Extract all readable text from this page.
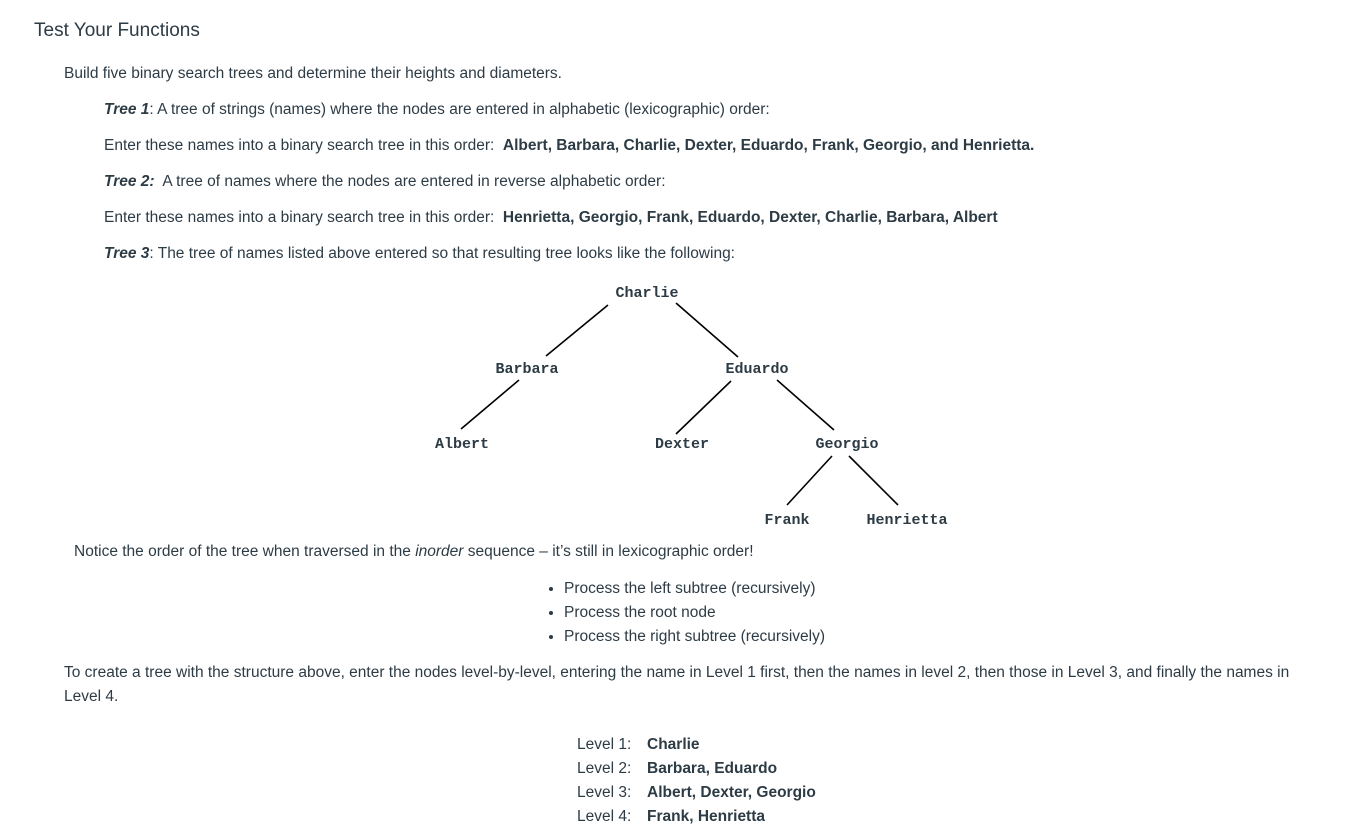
Test Your Functions
Build five binary search trees and determine their heights and diameters.
Tree 1: A tree of strings (names) where the nodes are entered in alphabetic (lexicographic) order:
Enter these names into a binary search tree in this order:  Albert, Barbara, Charlie, Dexter, Eduardo, Frank, Georgio, and Henrietta.
Tree 2:  A tree of names where the nodes are entered in reverse alphabetic order:
Enter these names into a binary search tree in this order:  Henrietta, Georgio, Frank, Eduardo, Dexter, Charlie, Barbara, Albert
Tree 3: The tree of names listed above entered so that resulting tree looks like the following:
Charlie
Barbara	Eduardo
Albert	Dexter	Georgio
Frank	Henrietta
Notice the order of the tree when traversed in the inorder sequence – it’s still in lexicographic order!
• Process the left subtree (recursively)
• Process the root node
• Process the right subtree (recursively)
To create a tree with the structure above, enter the nodes level-by-level, entering the name in Level 1 first, then the names in level 2, then those in Level 3, and finally the names in
Level 4.
Level 1:	Charlie
Level 2:	Barbara, Eduardo
Level 3:	Albert, Dexter, Georgio
Level 4:	Frank, Henrietta
